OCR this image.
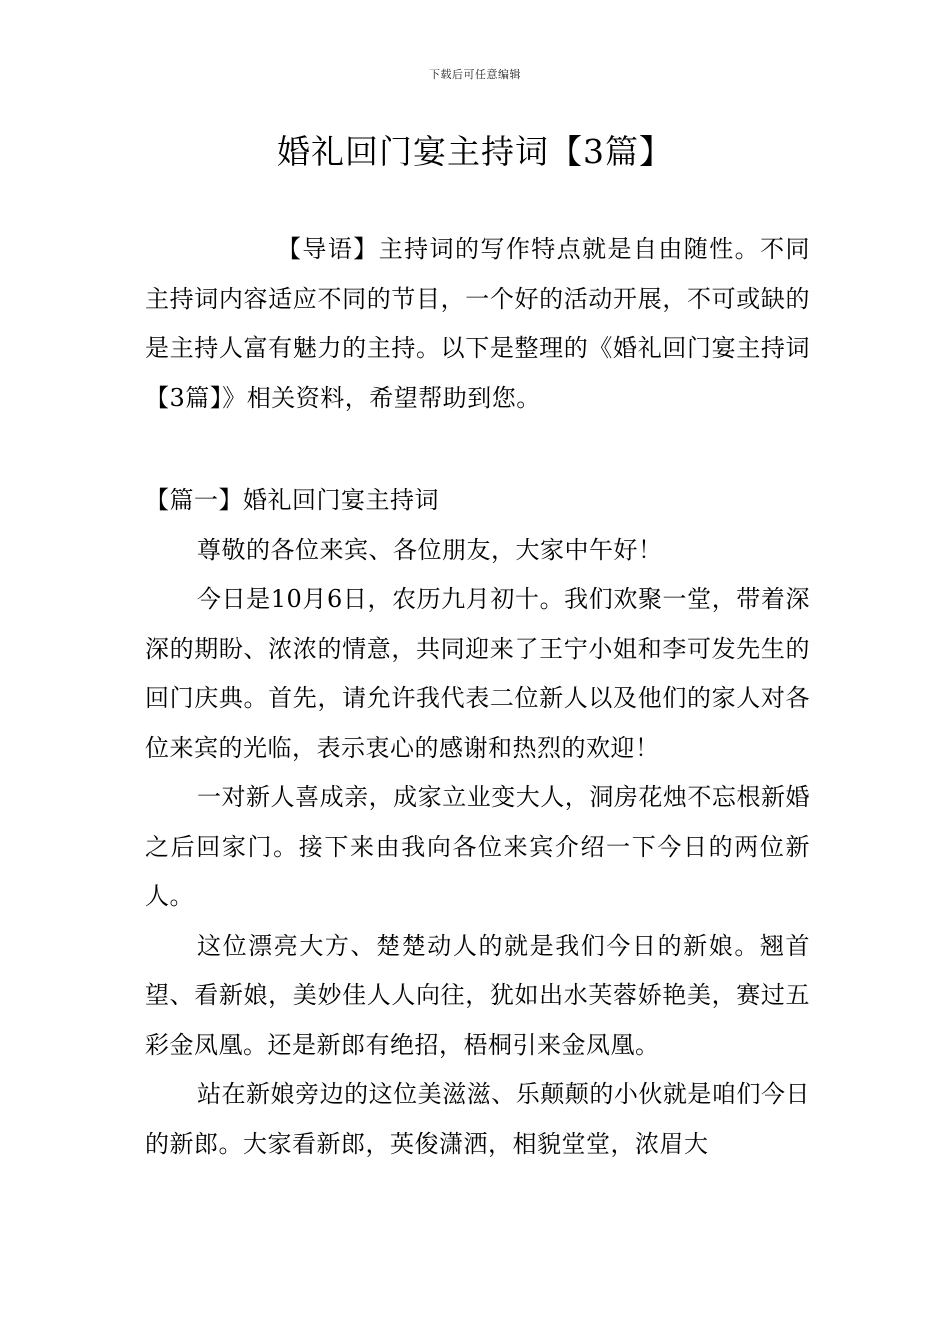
下载后可任意编辑
婚礼回门宴主持词【3篇】

【导语】主持词的写作特点就是自由随性。不同主持词内容适应不同的节目，一个好的活动开展，不可或缺的是主持人富有魅力的主持。以下是整理的《婚礼回门宴主持词【3篇】》相关资料，希望帮助到您。

【篇一】婚礼回门宴主持词

尊敬的各位来宾、各位朋友，大家中午好！

今日是10月6日，农历九月初十。我们欢聚一堂，带着深深的期盼、浓浓的情意，共同迎来了王宁小姐和李可发先生的回门庆典。首先，请允许我代表二位新人以及他们的家人对各位来宾的光临，表示衷心的感谢和热烈的欢迎！

一对新人喜成亲，成家立业变大人，洞房花烛不忘根新婚之后回家门。接下来由我向各位来宾介绍一下今日的两位新人。

这位漂亮大方、楚楚动人的就是我们今日的新娘。翘首望、看新娘，美妙佳人人向往，犹如出水芙蓉娇艳美，赛过五彩金凤凰。还是新郎有绝招，梧桐引来金凤凰。

站在新娘旁边的这位美滋滋、乐颠颠的小伙就是咱们今日的新郎。大家看新郎，英俊潇洒，相貌堂堂，浓眉大
